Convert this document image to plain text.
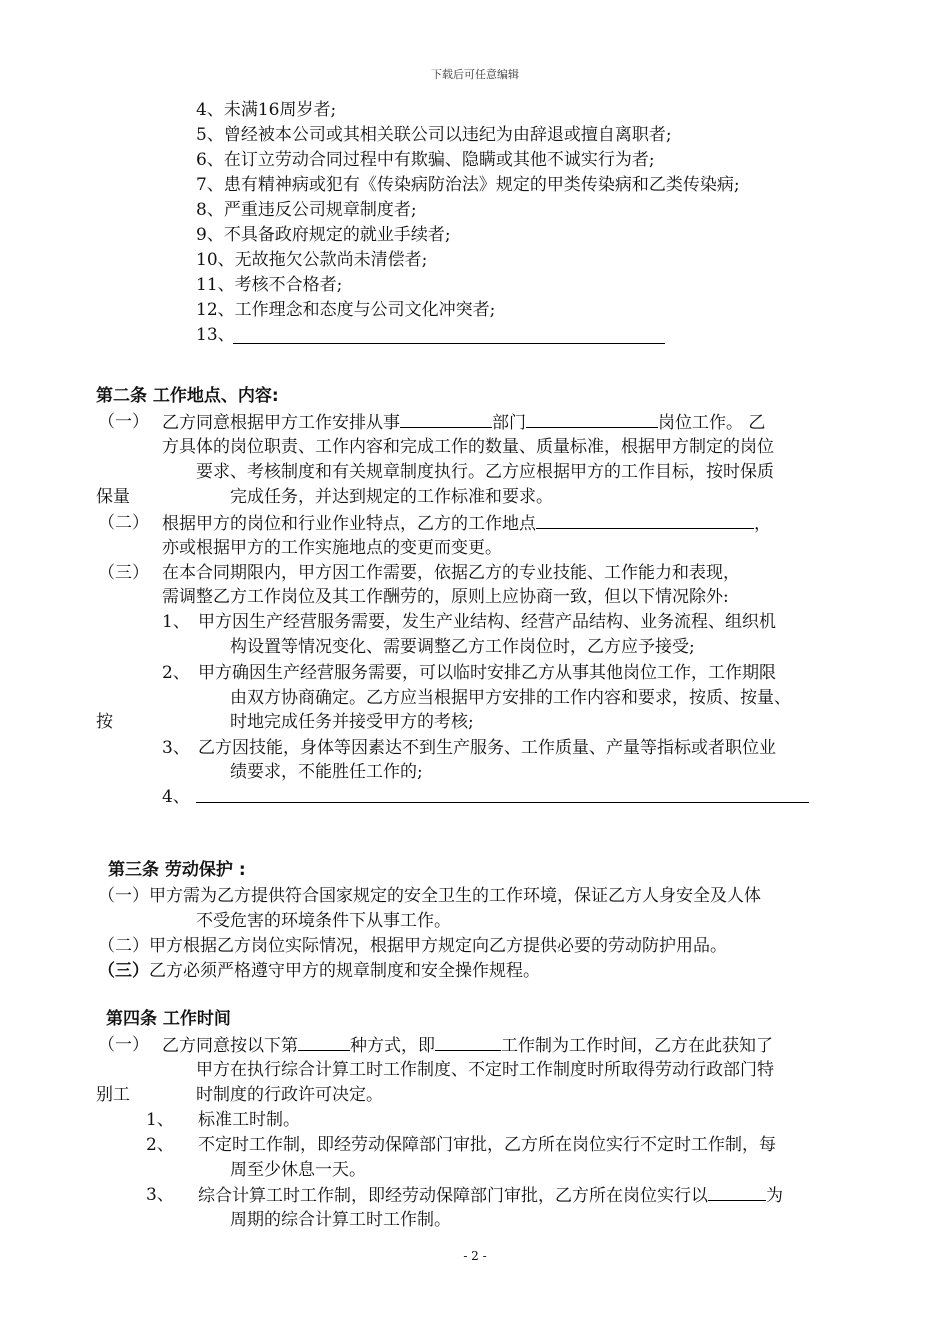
下载后可任意编辑
4、未满16周岁者;
5、曾经被本公司或其相关联公司以违纪为由辞退或擅自离职者;
6、在订立劳动合同过程中有欺骗、隐瞒或其他不诚实行为者;
7、患有精神病或犯有《传染病防治法》规定的甲类传染病和乙类传染病;
8、严重违反公司规章制度者;
9、不具备政府规定的就业手续者;
10、无故拖欠公款尚未清偿者;
11、考核不合格者;
12、工作理念和态度与公司文化冲突者;
13、
第二条 工作地点、内容:
（一） 乙方同意根据甲方工作安排从事	部门	岗位工作。 乙
方具体的岗位职责、工作内容和完成工作的数量、质量标准，根据甲方制定的岗位
要求、考核制度和有关规章制度执行。乙方应根据甲方的工作目标，按时保质
保量	完成任务，并达到规定的工作标准和要求。
（二） 根据甲方的岗位和行业作业特点，乙方的工作地点	，
亦或根据甲方的工作实施地点的变更而变更。
（三） 在本合同期限内，甲方因工作需要，依据乙方的专业技能、工作能力和表现，
需调整乙方工作岗位及其工作酬劳的，原则上应协商一致，但以下情况除外:
1、 甲方因生产经营服务需要，发生产业结构、经营产品结构、业务流程、组织机
构设置等情况变化、需要调整乙方工作岗位时，乙方应予接受;
2、 甲方确因生产经营服务需要，可以临时安排乙方从事其他岗位工作，工作期限
由双方协商确定。乙方应当根据甲方安排的工作内容和要求，按质、按量、
按	时地完成任务并接受甲方的考核;
3、 乙方因技能，身体等因素达不到生产服务、工作质量、产量等指标或者职位业
绩要求，不能胜任工作的;
4、
第三条 劳动保护 :
（一）甲方需为乙方提供符合国家规定的安全卫生的工作环境，保证乙方人身安全及人体
不受危害的环境条件下从事工作。
（二）甲方根据乙方岗位实际情况，根据甲方规定向乙方提供必要的劳动防护用品。
（三）乙方必须严格遵守甲方的规章制度和安全操作规程。
第四条 工作时间
（一） 乙方同意按以下第	种方式，即	工作制为工作时间，乙方在此获知了
甲方在执行综合计算工时工作制度、不定时工作制度时所取得劳动行政部门特
别工	时制度的行政许可决定。
1、 标准工时制。
2、 不定时工作制，即经劳动保障部门审批，乙方所在岗位实行不定时工作制，每
周至少休息一天。
3、 综合计算工时工作制，即经劳动保障部门审批，乙方所在岗位实行以	为
周期的综合计算工时工作制。
- 2 -
